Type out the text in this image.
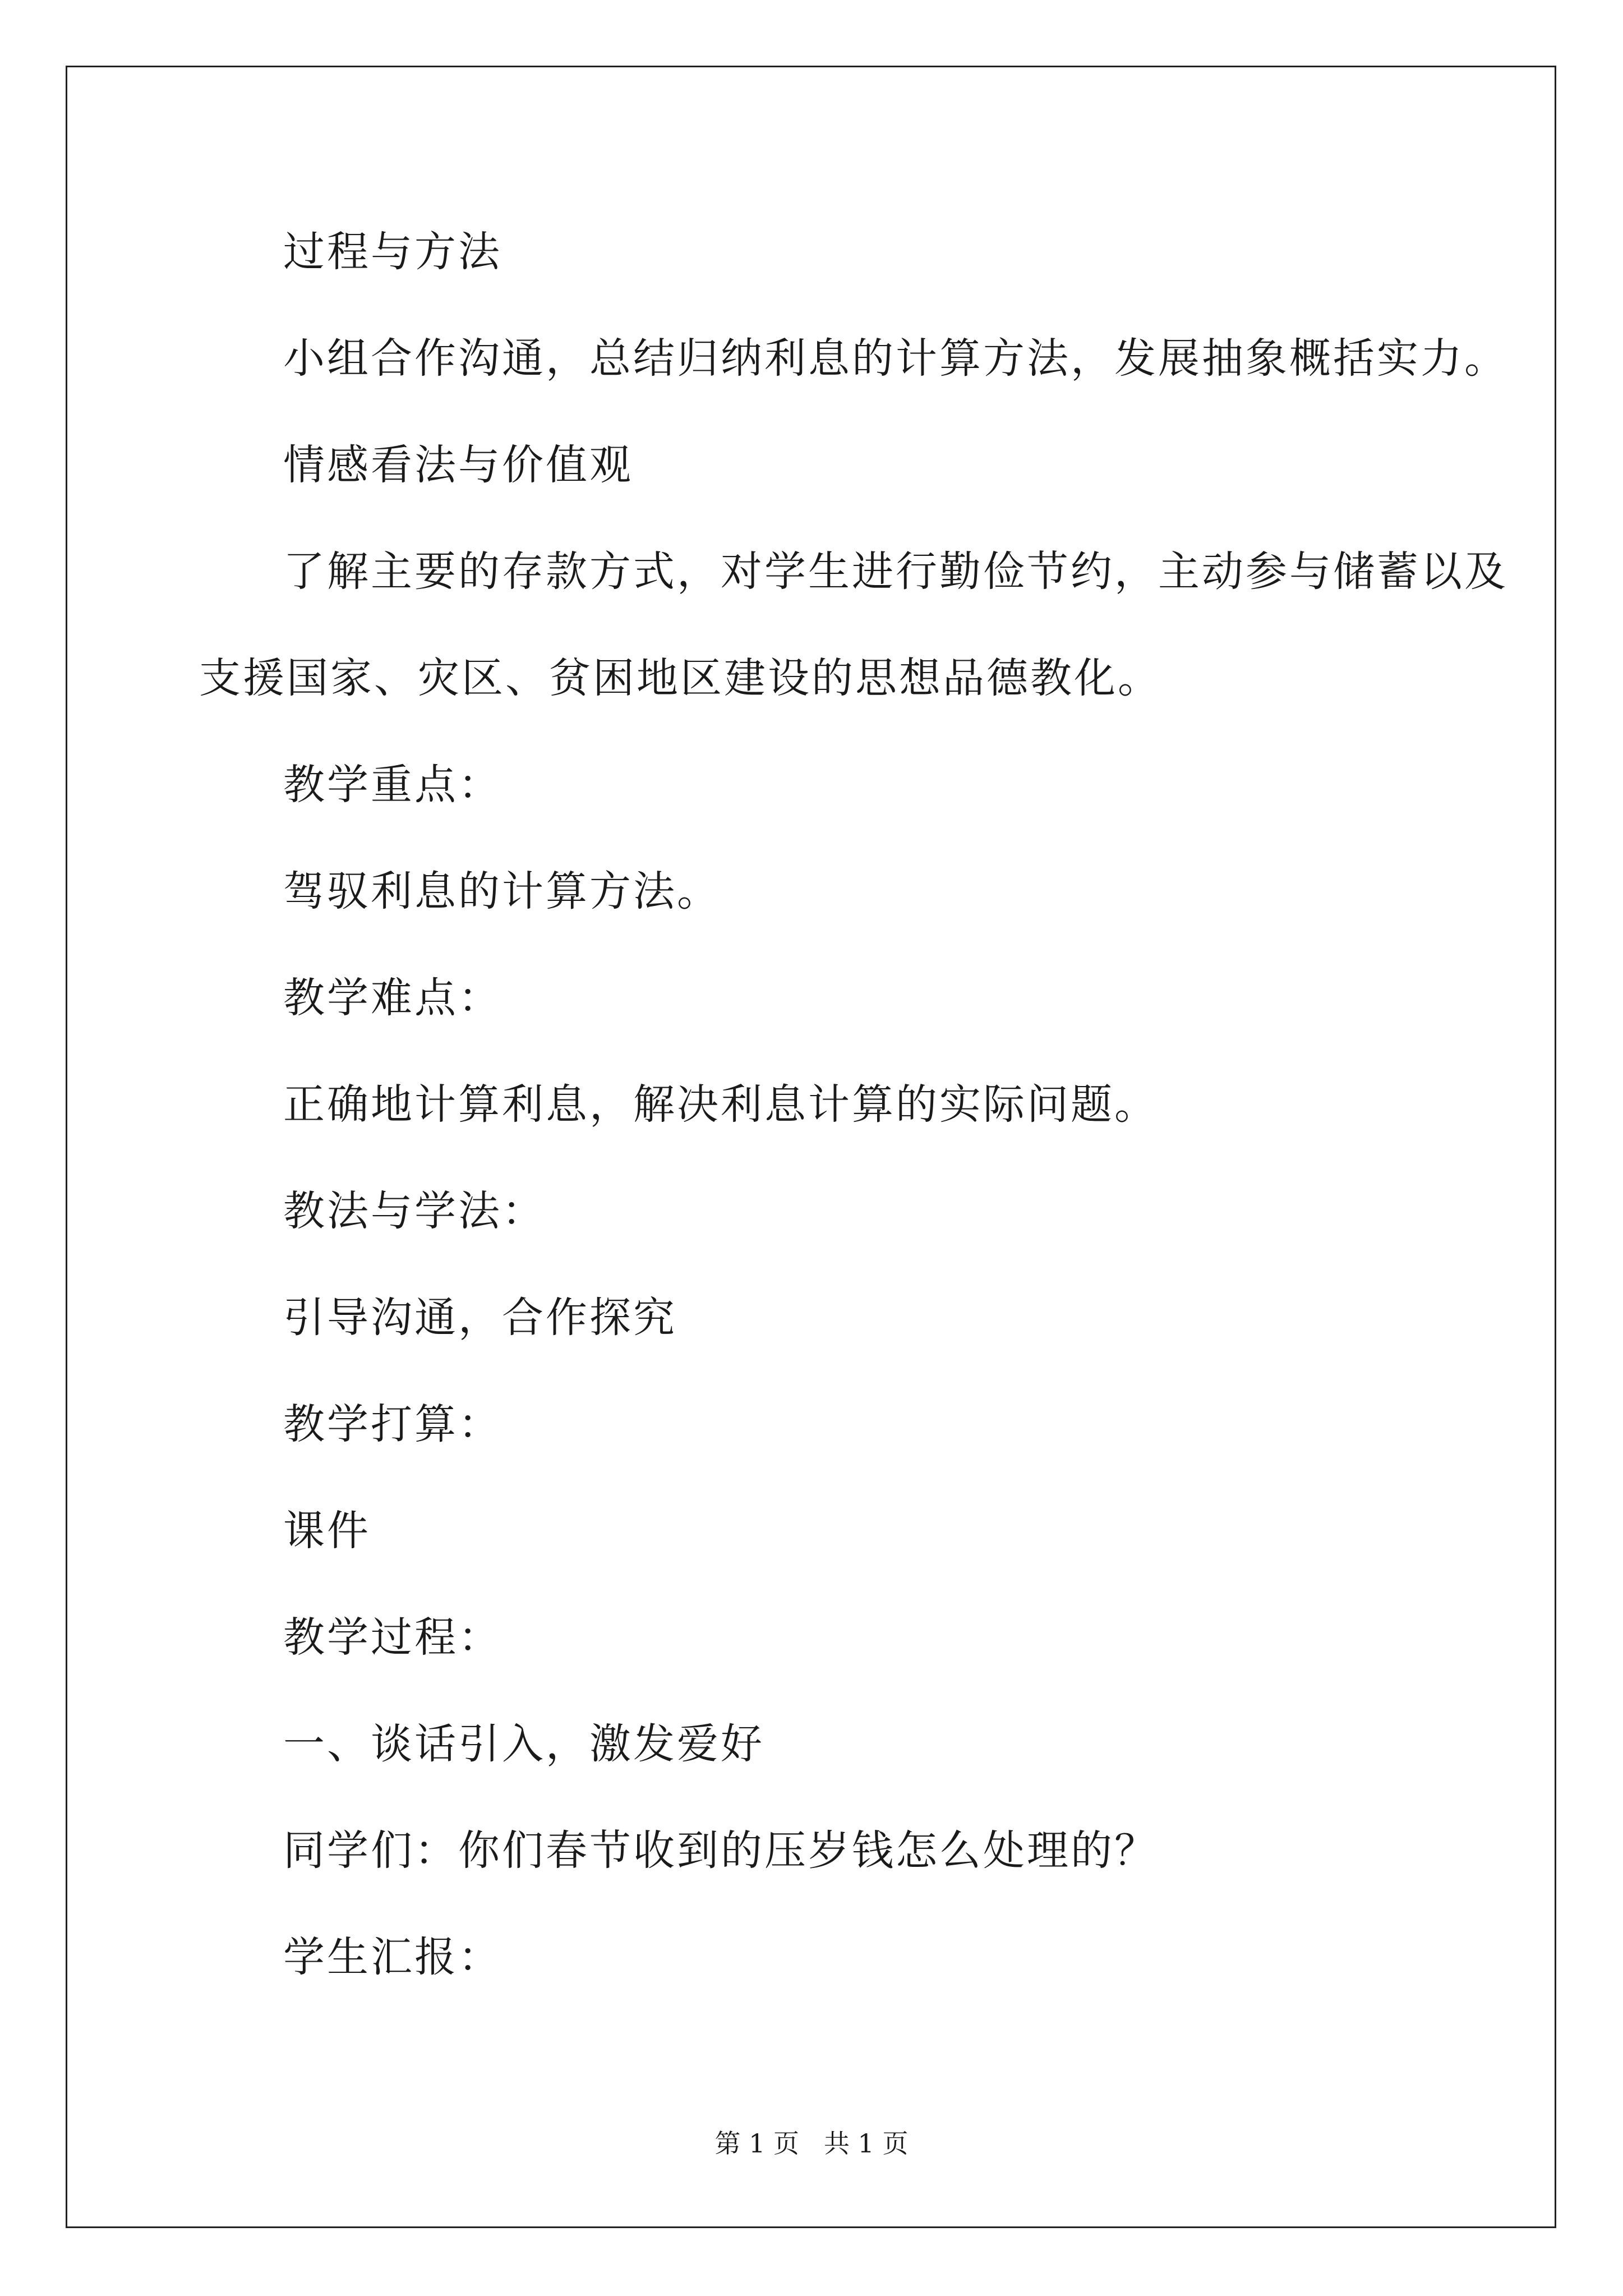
过程与方法
小组合作沟通，总结归纳利息的计算方法，发展抽象概括实力。
情感看法与价值观
了解主要的存款方式，对学生进行勤俭节约，主动参与储蓄以及
支援国家、灾区、贫困地区建设的思想品德教化。
教学重点：
驾驭利息的计算方法。
教学难点：
正确地计算利息，解决利息计算的实际问题。
教法与学法：
引导沟通，合作探究
教学打算：
课件
教学过程：
一、谈话引入，激发爱好
同学们：你们春节收到的压岁钱怎么处理的？
学生汇报：
第 1 页 共 1 页
